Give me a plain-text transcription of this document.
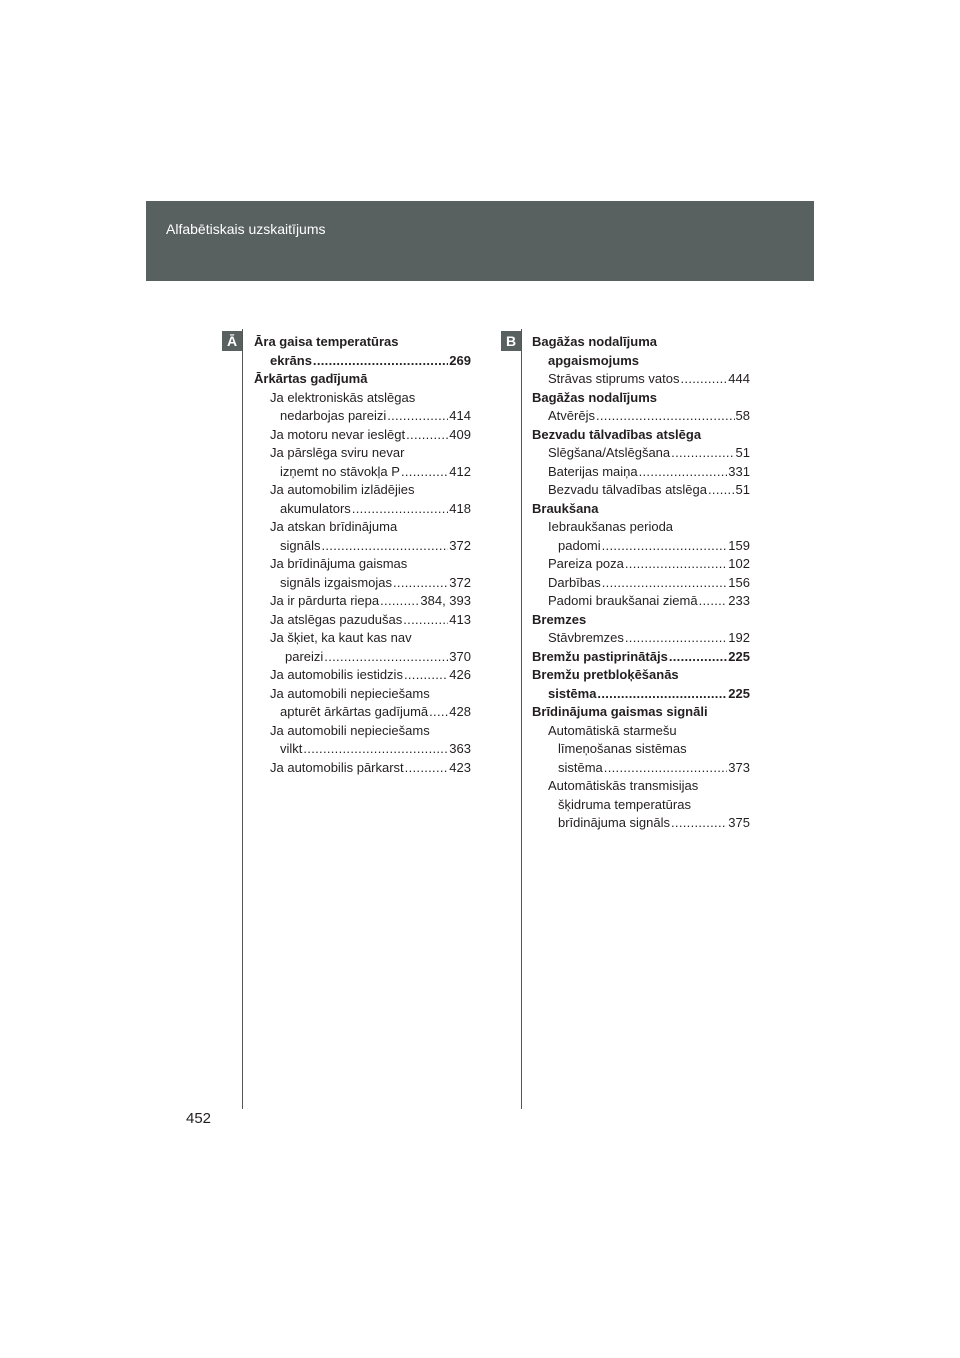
Alfabētiskais uzskaitījums
Ā	B
Āra gaisa temperatūras
ekrāns .....	269
Ārkārtas gadījumā
Ja elektroniskās atslēgas
nedarbojas pareizi .....	414
Ja motoru nevar ieslēgt .....	409
Ja pārslēga sviru nevar
izņemt no stāvokļa P .....	412
Ja automobilim izlādējies
akumulators .....	418
Ja atskan brīdinājuma
signāls .....	372
Ja brīdinājuma gaismas
signāls izgaismojas .....	372
Ja ir pārdurta riepa .....	384, 393
Ja atslēgas pazudušas .....	413
Ja šķiet, ka kaut kas nav
pareizi .....	370
Ja automobilis iestidzis .....	426
Ja automobili nepieciešams
apturēt ārkārtas gadījumā ..... 428
Ja automobili nepieciešams
vilkt .....	363
Ja automobilis pārkarst .....	423
Bagāžas nodalījuma
apgaismojums
Strāvas stiprums vatos .....	444
Bagāžas nodalījums
Atvērējs .....	58
Bezvadu tālvadības atslēga
Slēgšana/Atslēgšana .....	51
Baterijas maiņa .....	331
Bezvadu tālvadības atslēga ..... 51
Braukšana
Iebraukšanas perioda
padomi .....	159
Pareiza poza .....	102
Darbības .....	156
Padomi braukšanai ziemā ..... 233
Bremzes
Stāvbremzes .....	192
Bremžu pastiprinātājs .....	225
Bremžu pretbloķēšanās
sistēma .....	225
Brīdinājuma gaismas signāli
Automātiskā starmešu
līmeņošanas sistēmas
sistēma .....	373
Automātiskās transmisijas
šķidruma temperatūras
brīdinājuma signāls .....	375
452
